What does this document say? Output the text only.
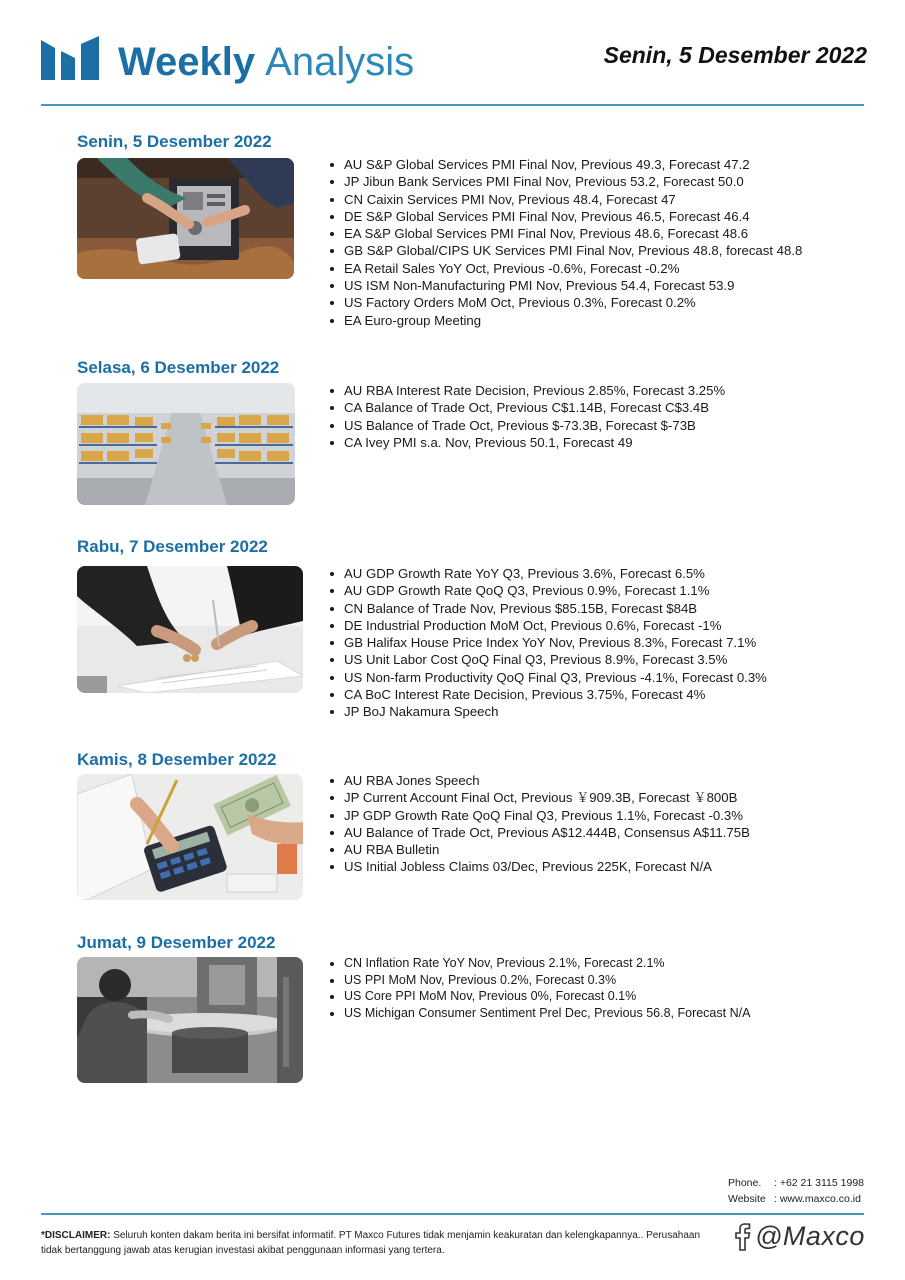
Weekly Analysis	Senin, 5 Desember 2022
Senin, 5 Desember 2022
AU S&P Global Services PMI Final Nov, Previous 49.3, Forecast 47.2
JP Jibun Bank Services PMI Final Nov, Previous 53.2, Forecast 50.0
CN Caixin Services PMI Nov, Previous 48.4, Forecast 47
DE S&P Global Services PMI Final Nov, Previous 46.5, Forecast 46.4
EA S&P Global Services PMI Final Nov, Previous 48.6, Forecast 48.6
GB S&P Global/CIPS UK Services PMI Final Nov, Previous 48.8, forecast 48.8
EA Retail Sales YoY Oct, Previous -0.6%, Forecast -0.2%
US ISM Non-Manufacturing PMI Nov, Previous 54.4, Forecast 53.9
US Factory Orders MoM Oct, Previous 0.3%, Forecast 0.2%
EA Euro-group Meeting
Selasa, 6 Desember 2022
AU RBA Interest Rate Decision, Previous 2.85%, Forecast 3.25%
CA Balance of Trade Oct, Previous C$1.14B, Forecast C$3.4B
US Balance of Trade Oct, Previous $-73.3B, Forecast $-73B
CA Ivey PMI s.a. Nov, Previous 50.1, Forecast 49
Rabu, 7 Desember 2022
AU GDP Growth Rate YoY Q3, Previous 3.6%, Forecast 6.5%
AU GDP Growth Rate QoQ Q3, Previous 0.9%, Forecast 1.1%
CN Balance of Trade Nov, Previous $85.15B, Forecast $84B
DE Industrial Production MoM Oct, Previous 0.6%, Forecast -1%
GB Halifax House Price Index YoY Nov, Previous 8.3%, Forecast 7.1%
US Unit Labor Cost QoQ Final Q3, Previous 8.9%, Forecast 3.5%
US Non-farm Productivity QoQ Final Q3, Previous -4.1%, Forecast 0.3%
CA BoC Interest Rate Decision, Previous 3.75%, Forecast 4%
JP BoJ Nakamura Speech
Kamis, 8 Desember 2022
AU RBA Jones Speech
JP Current Account Final Oct, Previous ￥909.3B, Forecast ￥800B
JP GDP Growth Rate QoQ Final Q3, Previous 1.1%, Forecast -0.3%
AU Balance of Trade Oct, Previous A$12.444B, Consensus A$11.75B
AU RBA Bulletin
US Initial Jobless Claims 03/Dec, Previous 225K, Forecast N/A
Jumat, 9 Desember 2022
CN Inflation Rate YoY Nov, Previous 2.1%, Forecast 2.1%
US PPI MoM Nov, Previous 0.2%, Forecast 0.3%
US Core PPI MoM Nov, Previous 0%, Forecast 0.1%
US Michigan Consumer Sentiment Prel Dec, Previous 56.8, Forecast N/A
Phone. : +62 21 3115 1998
Website : www.maxco.co.id
*DISCLAIMER: Seluruh konten dakam berita ini bersifat informatif. PT Maxco Futures tidak menjamin keakuratan dan kelengkapannya.. Perusahaan tidak bertanggung jawab atas kerugian investasi akibat penggunaan informasi yang tertera.	@Maxco
